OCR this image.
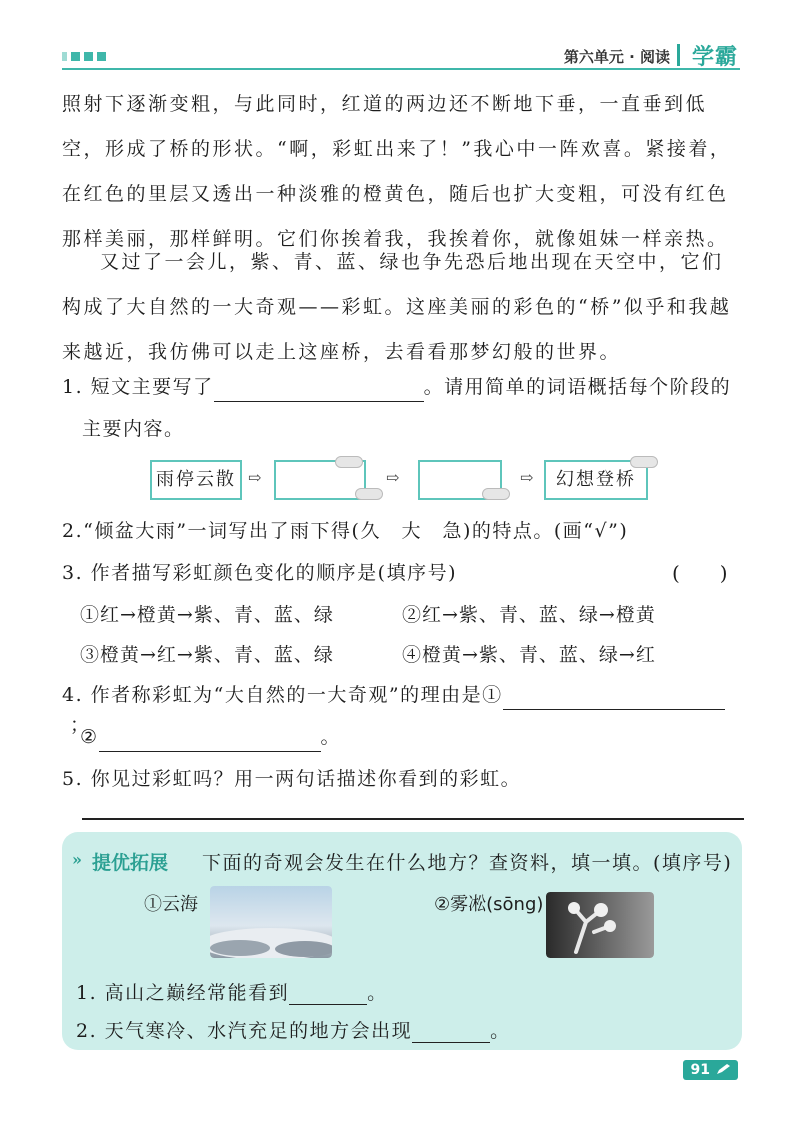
第六单元 · 阅读 学霸
照射下逐渐变粗，与此同时，红道的两边还不断地下垂，一直垂到低空，形成了桥的形状。“啊，彩虹出来了！”我心中一阵欢喜。紧接着，在红色的里层又透出一种淡雅的橙黄色，随后也扩大变粗，可没有红色那样美丽，那样鲜明。它们你挨着我，我挨着你，就像姐妹一样亲热。
又过了一会儿，紫、青、蓝、绿也争先恐后地出现在天空中，它们构成了大自然的一大奇观——彩虹。这座美丽的彩色的“桥”似乎和我越来越近，我仿佛可以走上这座桥，去看看那梦幻般的世界。
1. 短文主要写了	。请用简单的词语概括每个阶段的
主要内容。
雨停云散 ⇨	⇨	⇨	幻想登桥
2.“倾盆大雨”一词写出了雨下得(久　大　急)的特点。(画“√”)
3. 作者描写彩虹颜色变化的顺序是(填序号)	(　　)
①红→橙黄→紫、青、蓝、绿	②红→紫、青、蓝、绿→橙黄
③橙黄→红→紫、青、蓝、绿	④橙黄→紫、青、蓝、绿→红
4. 作者称彩虹为“大自然的一大奇观”的理由是①；
②	。
5. 你见过彩虹吗？用一两句话描述你看到的彩虹。
» 提优拓展 下面的奇观会发生在什么地方？查资料，填一填。(填序号)
①云海	②雾凇(sōng)
1. 高山之巅经常能看到	。
2. 天气寒冷、水汽充足的地方会出现	。
91
